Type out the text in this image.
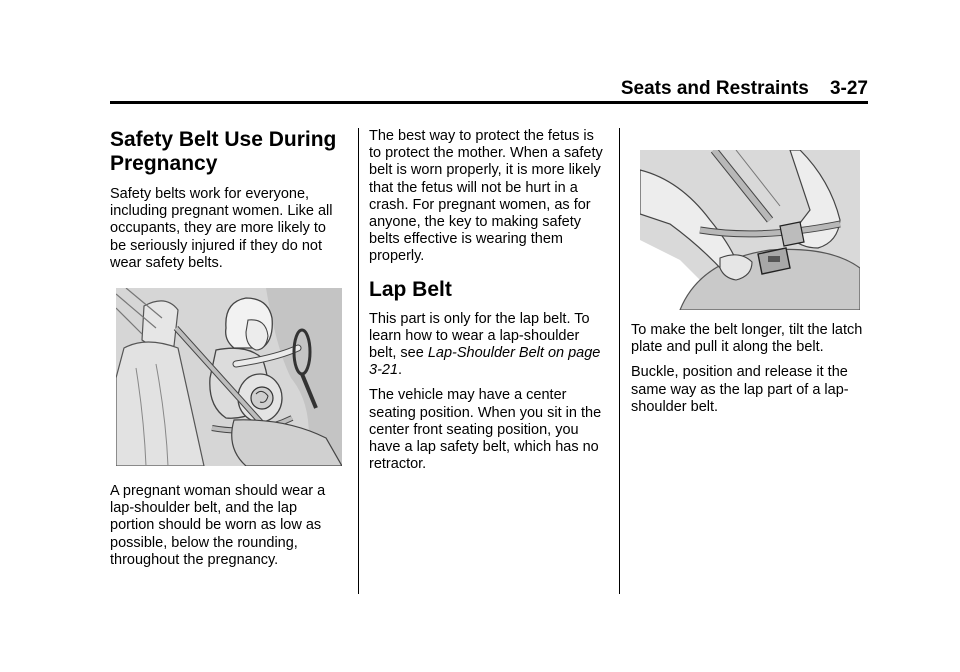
Seats and Restraints 3-27
Safety Belt Use During Pregnancy

Safety belts work for everyone, including pregnant women. Like all occupants, they are more likely to be seriously injured if they do not wear safety belts.

A pregnant woman should wear a lap-shoulder belt, and the lap portion should be worn as low as possible, below the rounding, throughout the pregnancy.

The best way to protect the fetus is to protect the mother. When a safety belt is worn properly, it is more likely that the fetus will not be hurt in a crash. For pregnant women, as for anyone, the key to making safety belts effective is wearing them properly.

Lap Belt

This part is only for the lap belt. To learn how to wear a lap-shoulder belt, see Lap-Shoulder Belt on page 3-21.

The vehicle may have a center seating position. When you sit in the center front seating position, you have a lap safety belt, which has no retractor.

To make the belt longer, tilt the latch plate and pull it along the belt.

Buckle, position and release it the same way as the lap part of a lap-shoulder belt.
